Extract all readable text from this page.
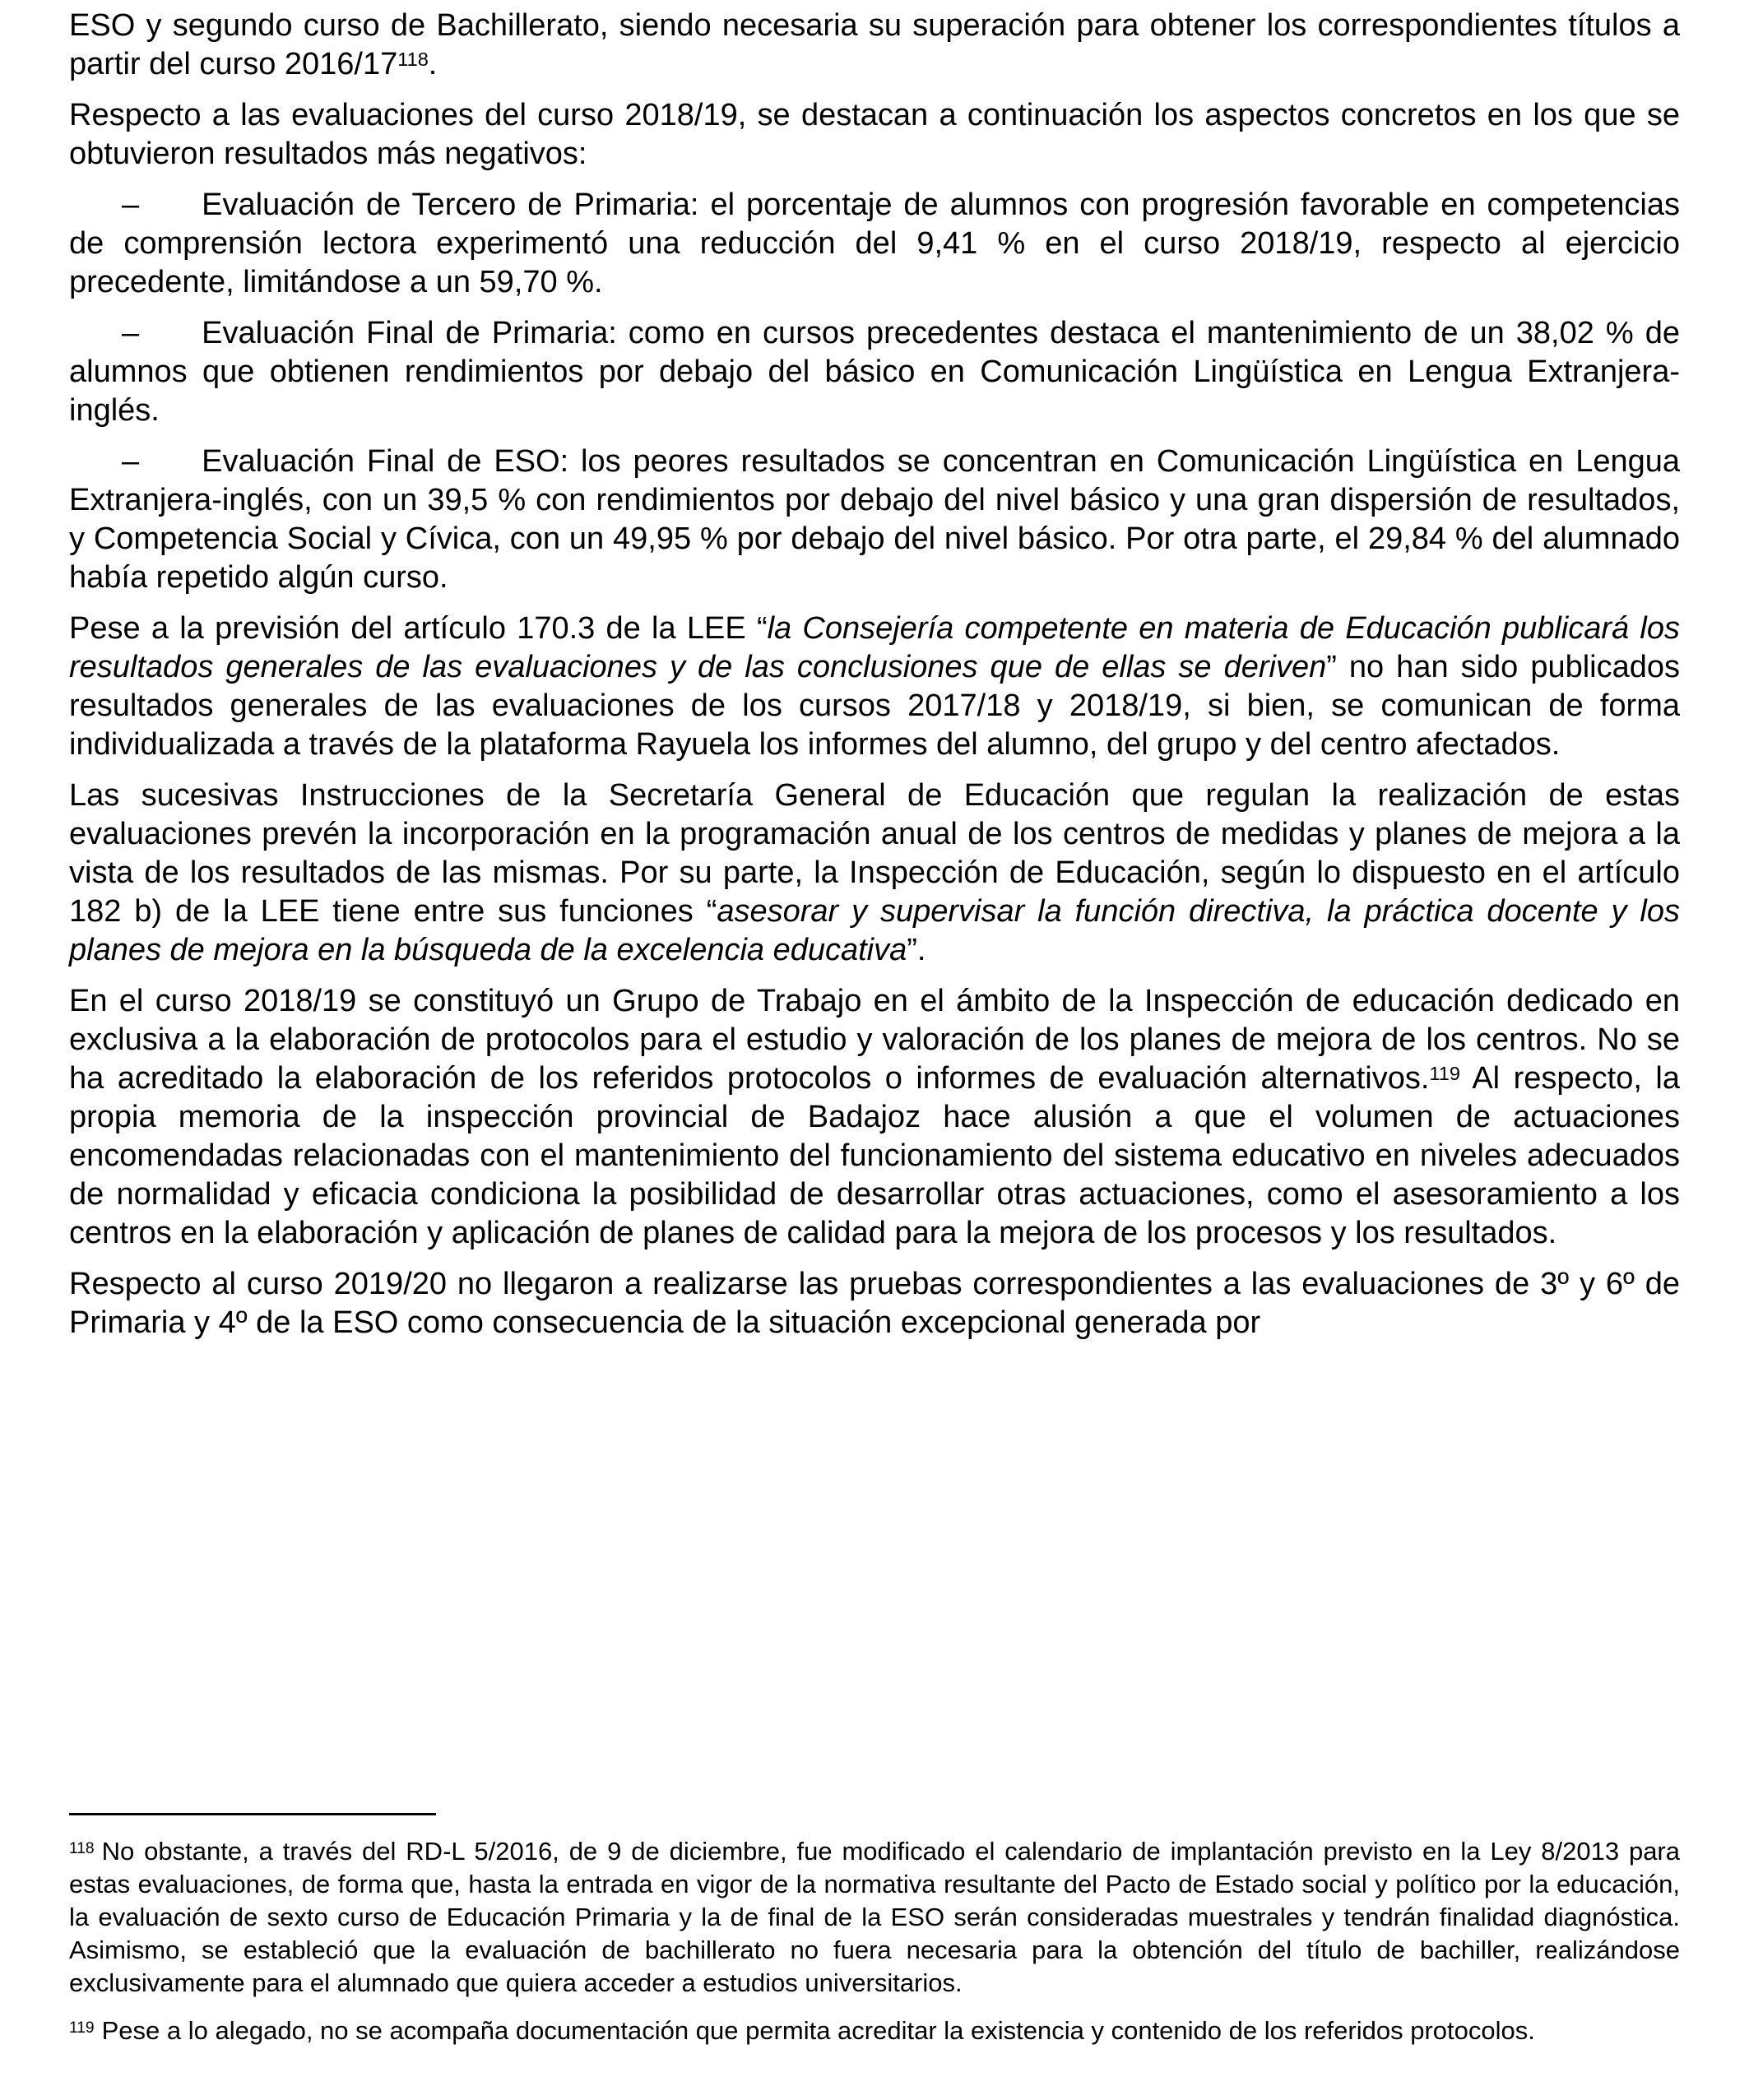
ESO y segundo curso de Bachillerato, siendo necesaria su superación para obtener los correspondientes títulos a partir del curso 2016/17$^{118}$.

Respecto a las evaluaciones del curso 2018/19, se destacan a continuación los aspectos concretos en los que se obtuvieron resultados más negativos:

– Evaluación de Tercero de Primaria: el porcentaje de alumnos con progresión favorable en competencias de comprensión lectora experimentó una reducción del 9,41 % en el curso 2018/19, respecto al ejercicio precedente, limitándose a un 59,70 %.

– Evaluación Final de Primaria: como en cursos precedentes destaca el mantenimiento de un 38,02 % de alumnos que obtienen rendimientos por debajo del básico en Comunicación Lingüística en Lengua Extranjera-inglés.

– Evaluación Final de ESO: los peores resultados se concentran en Comunicación Lingüística en Lengua Extranjera-inglés, con un 39,5 % con rendimientos por debajo del nivel básico y una gran dispersión de resultados, y Competencia Social y Cívica, con un 49,95 % por debajo del nivel básico. Por otra parte, el 29,84 % del alumnado había repetido algún curso.

Pese a la previsión del artículo 170.3 de la LEE “la Consejería competente en materia de Educación publicará los resultados generales de las evaluaciones y de las conclusiones que de ellas se deriven” no han sido publicados resultados generales de las evaluaciones de los cursos 2017/18 y 2018/19, si bien, se comunican de forma individualizada a través de la plataforma Rayuela los informes del alumno, del grupo y del centro afectados.

Las sucesivas Instrucciones de la Secretaría General de Educación que regulan la realización de estas evaluaciones prevén la incorporación en la programación anual de los centros de medidas y planes de mejora a la vista de los resultados de las mismas. Por su parte, la Inspección de Educación, según lo dispuesto en el artículo 182 b) de la LEE tiene entre sus funciones “asesorar y supervisar la función directiva, la práctica docente y los planes de mejora en la búsqueda de la excelencia educativa”.

En el curso 2018/19 se constituyó un Grupo de Trabajo en el ámbito de la Inspección de educación dedicado en exclusiva a la elaboración de protocolos para el estudio y valoración de los planes de mejora de los centros. No se ha acreditado la elaboración de los referidos protocolos o informes de evaluación alternativos.$^{119}$ Al respecto, la propia memoria de la inspección provincial de Badajoz hace alusión a que el volumen de actuaciones encomendadas relacionadas con el mantenimiento del funcionamiento del sistema educativo en niveles adecuados de normalidad y eficacia condiciona la posibilidad de desarrollar otras actuaciones, como el asesoramiento a los centros en la elaboración y aplicación de planes de calidad para la mejora de los procesos y los resultados.

Respecto al curso 2019/20 no llegaron a realizarse las pruebas correspondientes a las evaluaciones de 3º y 6º de Primaria y 4º de la ESO como consecuencia de la situación excepcional generada por

$^{118}$ No obstante, a través del RD-L 5/2016, de 9 de diciembre, fue modificado el calendario de implantación previsto en la Ley 8/2013 para estas evaluaciones, de forma que, hasta la entrada en vigor de la normativa resultante del Pacto de Estado social y político por la educación, la evaluación de sexto curso de Educación Primaria y la de final de la ESO serán consideradas muestrales y tendrán finalidad diagnóstica. Asimismo, se estableció que la evaluación de bachillerato no fuera necesaria para la obtención del título de bachiller, realizándose exclusivamente para el alumnado que quiera acceder a estudios universitarios.

$^{119}$ Pese a lo alegado, no se acompaña documentación que permita acreditar la existencia y contenido de los referidos protocolos.
